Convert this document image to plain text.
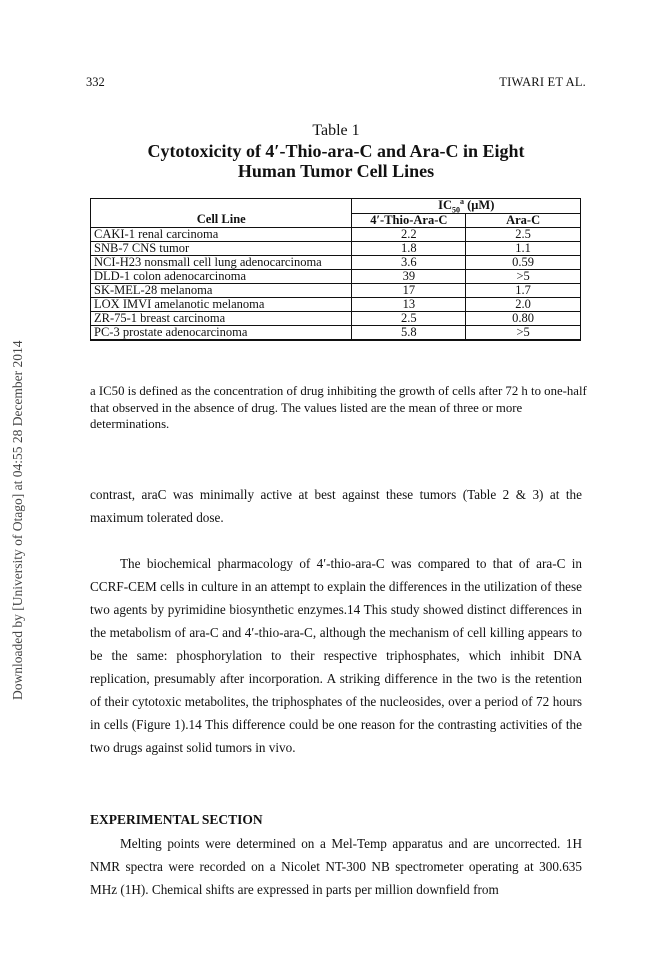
Downloaded by [University of Otago] at 04:55 28 December 2014
332	TIWARI ET AL.
Table 1
Cytotoxicity of 4′-Thio-ara-C and Ara-C in Eight Human Tumor Cell Lines
	$IC_{50}^a$ (μM)	
Cell Line	4′-Thio-Ara-C	Ara-C
CAKI-1 renal carcinoma	2.2	2.5
SNB-7 CNS tumor	1.8	1.1
NCI-H23 nonsmall cell lung adenocarcinoma	3.6	0.59
DLD-1 colon adenocarcinoma	39	>5
SK-MEL-28 melanoma	17	1.7
LOX IMVI amelanotic melanoma	13	2.0
ZR-75-1 breast carcinoma	2.5	0.80
PC-3 prostate adenocarcinoma	5.8	>5
a IC50 is defined as the concentration of drug inhibiting the growth of cells after 72 h to one-half that observed in the absence of drug. The values listed are the mean of three or more determinations.
contrast, araC was minimally active at best against these tumors (Table 2 & 3) at the maximum tolerated dose.
The biochemical pharmacology of 4′-thio-ara-C was compared to that of ara-C in CCRF-CEM cells in culture in an attempt to explain the differences in the utilization of these two agents by pyrimidine biosynthetic enzymes.14 This study showed distinct differences in the metabolism of ara-C and 4′-thio-ara-C, although the mechanism of cell killing appears to be the same: phosphorylation to their respective triphosphates, which inhibit DNA replication, presumably after incorporation. A striking difference in the two is the retention of their cytotoxic metabolites, the triphosphates of the nucleosides, over a period of 72 hours in cells (Figure 1).14 This difference could be one reason for the contrasting activities of the two drugs against solid tumors in vivo.
EXPERIMENTAL SECTION
Melting points were determined on a Mel-Temp apparatus and are uncorrected. 1H NMR spectra were recorded on a Nicolet NT-300 NB spectrometer operating at 300.635 MHz (1H). Chemical shifts are expressed in parts per million downfield from
